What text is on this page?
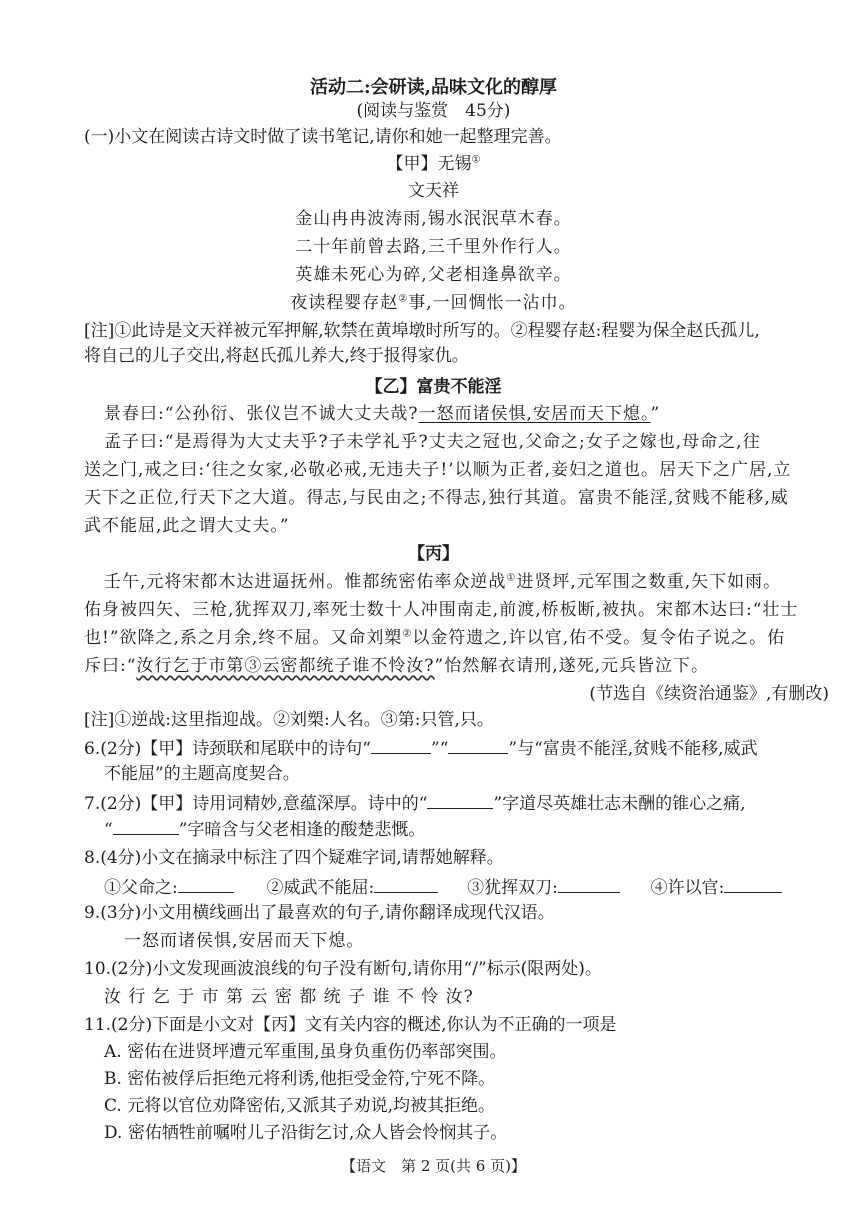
活动二:会研读,品味文化的醇厚
(阅读与鉴赏　45分)
(一)小文在阅读古诗文时做了读书笔记,请你和她一起整理完善。
【甲】无锡①
文天祥
金山冉冉波涛雨,锡水泯泯草木春。
二十年前曾去路,三千里外作行人。
英雄未死心为碎,父老相逢鼻欲辛。
夜读程婴存赵②事,一回惆怅一沾巾。
[注]①此诗是文天祥被元军押解,软禁在黄埠墩时所写的。②程婴存赵:程婴为保全赵氏孤儿,
将自己的儿子交出,将赵氏孤儿养大,终于报得家仇。
【乙】富贵不能淫
景春曰:“公孙衍、张仪岂不诚大丈夫哉?一怒而诸侯惧,安居而天下熄。”
孟子曰:“是焉得为大丈夫乎?子未学礼乎?丈夫之冠也,父命之;女子之嫁也,母命之,往
送之门,戒之曰:‘往之女家,必敬必戒,无违夫子!’以顺为正者,妾妇之道也。居天下之广居,立
天下之正位,行天下之大道。得志,与民由之;不得志,独行其道。富贵不能淫,贫贱不能移,威
武不能屈,此之谓大丈夫。”
【丙】
壬午,元将宋都木达进逼抚州。惟都统密佑率众逆战①进贤坪,元军围之数重,矢下如雨。
佑身被四矢、三枪,犹挥双刀,率死士数十人冲围南走,前渡,桥板断,被执。宋都木达曰:“壮士
也!”欲降之,系之月余,终不屈。又命刘槊②以金符遗之,许以官,佑不受。复令佑子说之。佑
斥曰:“汝行乞于市第③云密都统子谁不怜汝?”怡然解衣请刑,遂死,元兵皆泣下。
(节选自《续资治通鉴》,有删改)
[注]①逆战:这里指迎战。②刘槊:人名。③第:只管,只。
6.(2分)【甲】诗颈联和尾联中的诗句“	”“	”与“富贵不能淫,贫贱不能移,威武
不能屈”的主题高度契合。
7.(2分)【甲】诗用词精妙,意蕴深厚。诗中的“	”字道尽英雄壮志未酬的锥心之痛,
“	”字暗含与父老相逢的酸楚悲慨。
8.(4分)小文在摘录中标注了四个疑难字词,请帮她解释。
①父命之:	②威武不能屈:	③犹挥双刀:	④许以官:
9.(3分)小文用横线画出了最喜欢的句子,请你翻译成现代汉语。
一怒而诸侯惧,安居而天下熄。
10.(2分)小文发现画波浪线的句子没有断句,请你用“/”标示(限两处)。
汝 行 乞 于 市 第 云 密 都 统 子 谁 不 怜 汝?
11.(2分)下面是小文对【丙】文有关内容的概述,你认为不正确的一项是
A. 密佑在进贤坪遭元军重围,虽身负重伤仍率部突围。
B. 密佑被俘后拒绝元将利诱,他拒受金符,宁死不降。
C. 元将以官位劝降密佑,又派其子劝说,均被其拒绝。
D. 密佑牺牲前嘱咐儿子沿街乞讨,众人皆会怜悯其子。
【语文　第 2 页(共 6 页)】
